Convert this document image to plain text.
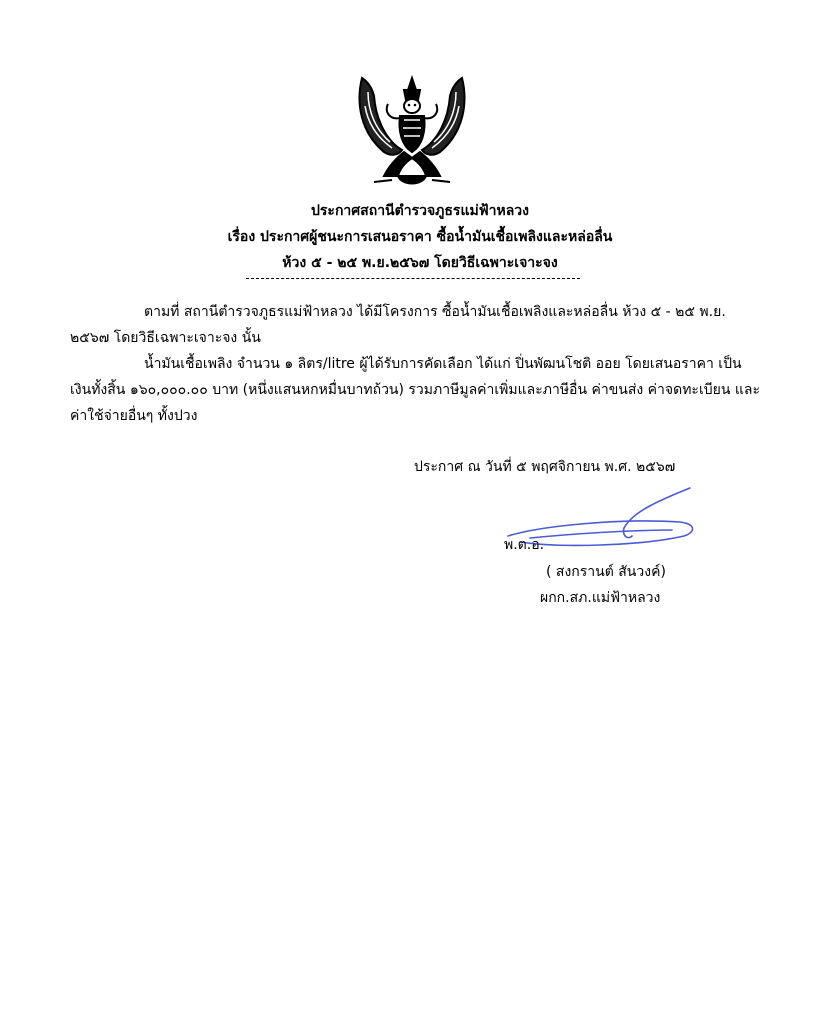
ประกาศสถานีตำรวจภูธรแม่ฟ้าหลวง
เรื่อง ประกาศผู้ชนะการเสนอราคา ซื้อน้ำมันเชื้อเพลิงและหล่อลื่น
ห้วง ๕ - ๒๕ พ.ย.๒๕๖๗ โดยวิธีเฉพาะเจาะจง
ตามที่ สถานีตำรวจภูธรแม่ฟ้าหลวง ได้มีโครงการ ซื้อน้ำมันเชื้อเพลิงและหล่อลื่น ห้วง ๕ - ๒๕ พ.ย. ๒๕๖๗ โดยวิธีเฉพาะเจาะจง นั้น
น้ำมันเชื้อเพลิง จำนวน ๑ ลิตร/litre ผู้ได้รับการคัดเลือก ได้แก่ ปิ่นพัฒนโชติ ออย โดยเสนอราคา เป็นเงินทั้งสิ้น ๑๖๐,๐๐๐.๐๐ บาท (หนึ่งแสนหกหมื่นบาทถ้วน) รวมภาษีมูลค่าเพิ่มและภาษีอื่น ค่าขนส่ง ค่าจดทะเบียน และค่าใช้จ่ายอื่นๆ ทั้งปวง
ประกาศ ณ วันที่ ๕ พฤศจิกายน พ.ศ. ๒๕๖๗
พ.ต.อ.
( สงกรานต์ สันวงค์)
ผกก.สภ.แม่ฟ้าหลวง
